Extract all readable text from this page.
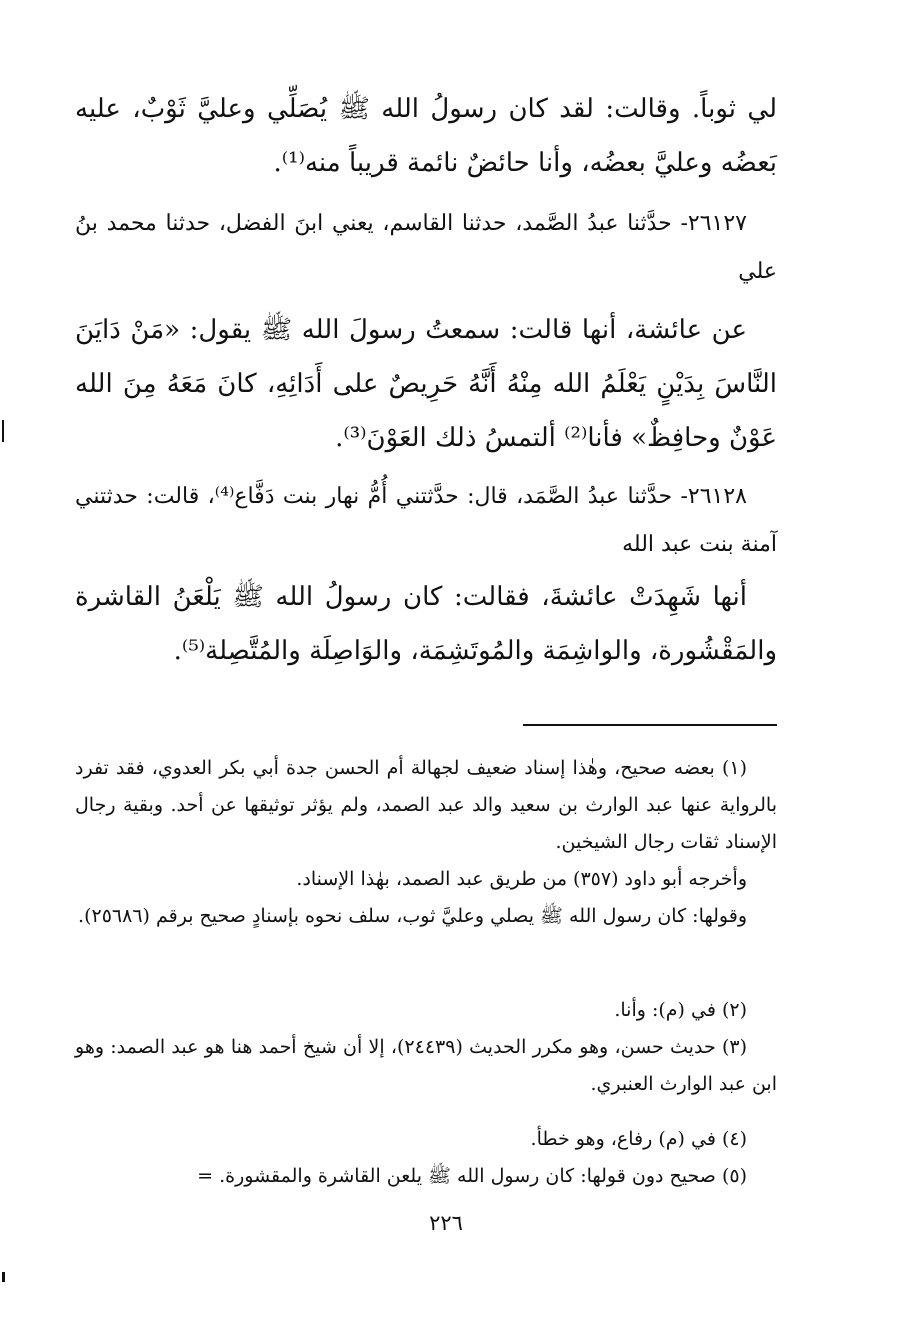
لي ثوباً. وقالت: لقد كان رسولُ الله ﷺ يُصَلِّي وعليَّ ثَوْبٌ، عليه بَعضُه وعليَّ بعضُه، وأنا حائضٌ نائمة قريباً منه⁽¹⁾.

٢٦١٢٧- حدَّثنا عبدُ الصَّمد، حدثنا القاسم، يعني ابنَ الفضل، حدثنا محمد بنُ علي

عن عائشة، أنها قالت: سمعتُ رسولَ الله ﷺ يقول: «مَنْ دَايَنَ النَّاسَ بِدَيْنٍ يَعْلَمُ الله مِنْهُ أَنَّهُ حَرِيصٌ على أَدَائِهِ، كانَ مَعَهُ مِنَ الله عَوْنٌ وحافِظٌ» فأنا⁽²⁾ ألتمسُ ذلك العَوْنَ⁽³⁾.

٢٦١٢٨- حدَّثنا عبدُ الصَّمَد، قال: حدَّثتني أُمُّ نهار بنت دَفَّاع⁽⁴⁾، قالت: حدثتني آمنة بنت عبد الله

أنها شَهِدَتْ عائشةَ، فقالت: كان رسولُ الله ﷺ يَلْعَنُ القاشرة والمَقْشُورة، والواشِمَة والمُوتَشِمَة، والوَاصِلَة والمُتَّصِلة⁽⁵⁾.

(١) بعضه صحيح، وهٰذا إسناد ضعيف لجهالة أم الحسن جدة أبي بكر العدوي، فقد تفرد بالرواية عنها عبد الوارث بن سعيد والد عبد الصمد، ولم يؤثر توثيقها عن أحد. وبقية رجال الإسناد ثقات رجال الشيخين.

وأخرجه أبو داود (٣٥٧) من طريق عبد الصمد، بهٰذا الإسناد.

وقولها: كان رسول الله ﷺ يصلي وعليَّ ثوب، سلف نحوه بإسنادٍ صحيح برقم (٢٥٦٨٦).

(٢) في (م): وأنا.

(٣) حديث حسن، وهو مكرر الحديث (٢٤٤٣٩)، إلا أن شيخ أحمد هنا هو عبد الصمد: وهو ابن عبد الوارث العنبري.

(٤) في (م) رفاع، وهو خطأ.

(٥) صحيح دون قولها: كان رسول الله ﷺ يلعن القاشرة والمقشورة. =

٢٢٦
